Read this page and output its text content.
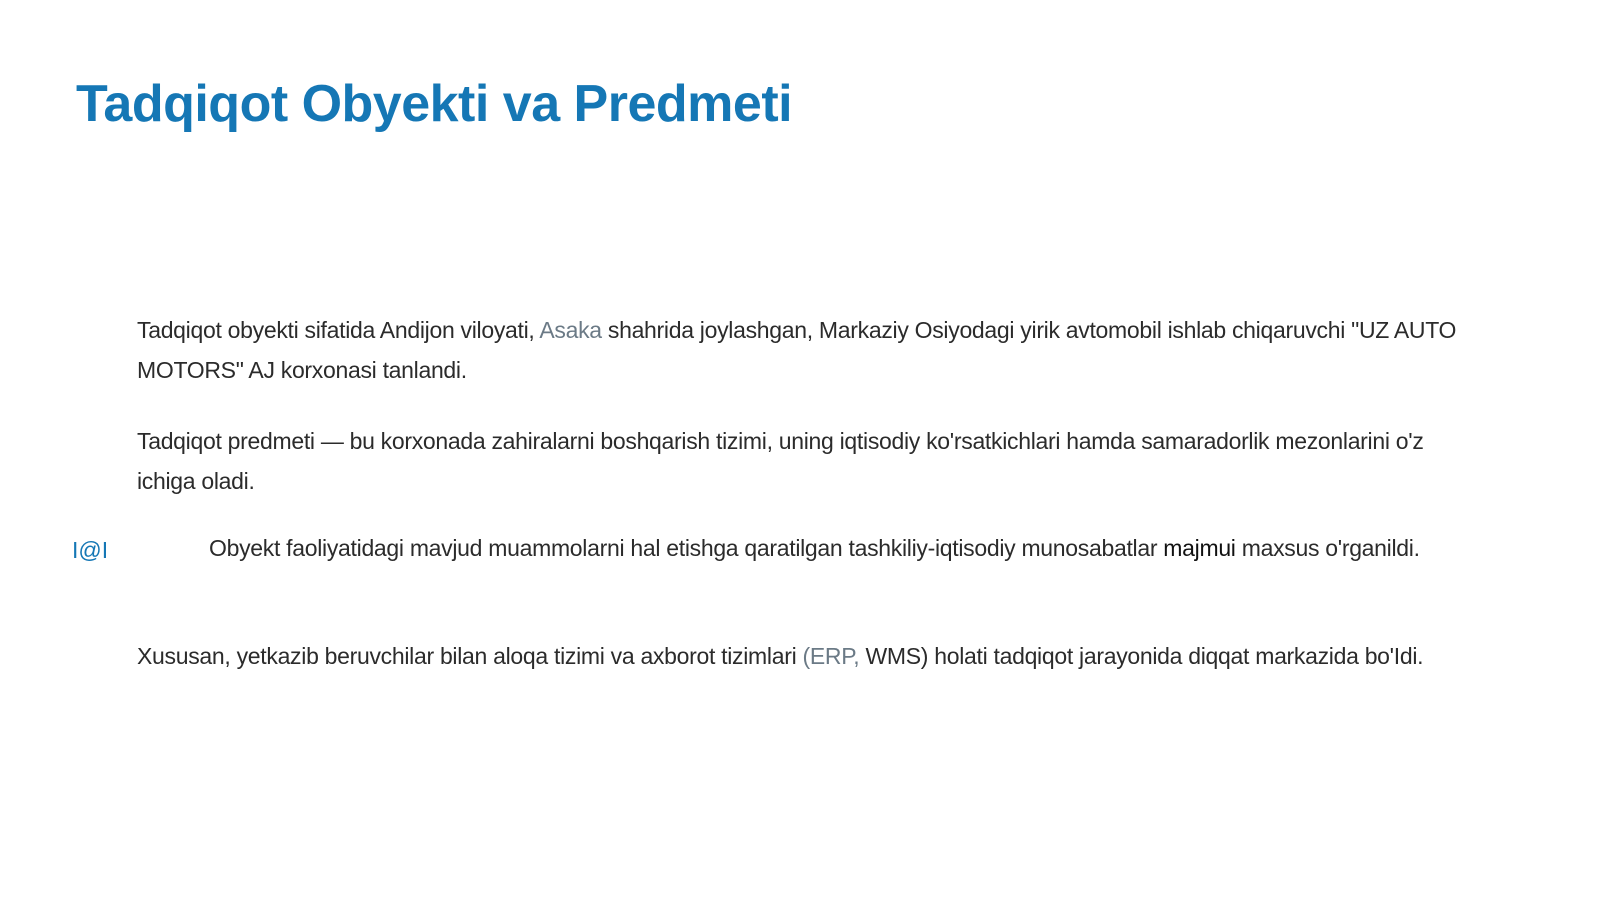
Tadqiqot Obyekti va Predmeti

Tadqiqot obyekti sifatida Andijon viloyati, Asaka shahrida joylashgan, Markaziy Osiyodagi yirik avtomobil ishlab chiqaruvchi "UZ AUTO MOTORS" AJ korxonasi tanlandi.

Tadqiqot predmeti — bu korxonada zahiralarni boshqarish tizimi, uning iqtisodiy ko'rsatkichlari hamda samaradorlik mezonlarini o'z ichiga oladi.

I@I	Obyekt faoliyatidagi mavjud muammolarni hal etishga qaratilgan tashkiliy-iqtisodiy munosabatlar majmui maxsus o'rganildi.

Xususan, yetkazib beruvchilar bilan aloqa tizimi va axborot tizimlari (ERP, WMS) holati tadqiqot jarayonida diqqat markazida bo'Idi.
